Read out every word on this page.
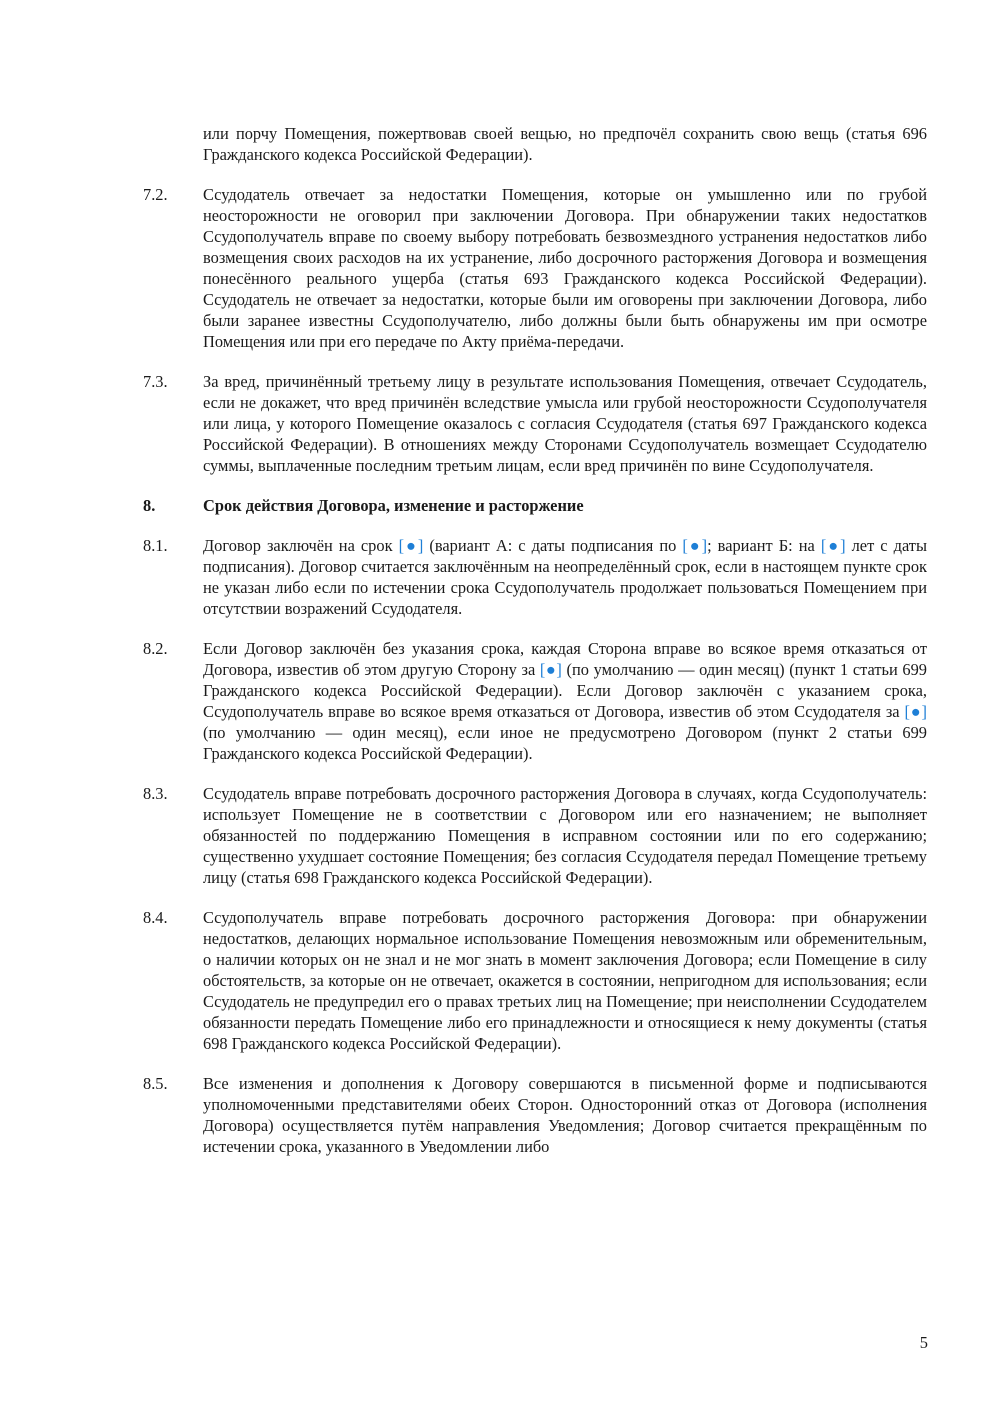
или порчу Помещения, пожертвовав своей вещью, но предпочёл сохранить свою вещь (статья 696 Гражданского кодекса Российской Федерации).

7.2.	Ссудодатель отвечает за недостатки Помещения, которые он умышленно или по грубой неосторожности не оговорил при заключении Договора. При обнаружении таких недостатков Ссудополучатель вправе по своему выбору потребовать безвозмездного устранения недостатков либо возмещения своих расходов на их устранение, либо досрочного расторжения Договора и возмещения понесённого реального ущерба (статья 693 Гражданского кодекса Российской Федерации). Ссудодатель не отвечает за недостатки, которые были им оговорены при заключении Договора, либо были заранее известны Ссудополучателю, либо должны были быть обнаружены им при осмотре Помещения или при его передаче по Акту приёма-передачи.
7.3.	За вред, причинённый третьему лицу в результате использования Помещения, отвечает Ссудодатель, если не докажет, что вред причинён вследствие умысла или грубой неосторожности Ссудополучателя или лица, у которого Помещение оказалось с согласия Ссудодателя (статья 697 Гражданского кодекса Российской Федерации). В отношениях между Сторонами Ссудополучатель возмещает Ссудодателю суммы, выплаченные последним третьим лицам, если вред причинён по вине Ссудополучателя.
8.	Срок действия Договора, изменение и расторжение
8.1.	Договор заключён на срок [●] (вариант А: с даты подписания по [●]; вариант Б: на [●] лет с даты подписания). Договор считается заключённым на неопределённый срок, если в настоящем пункте срок не указан либо если по истечении срока Ссудополучатель продолжает пользоваться Помещением при отсутствии возражений Ссудодателя.
8.2.	Если Договор заключён без указания срока, каждая Сторона вправе во всякое время отказаться от Договора, известив об этом другую Сторону за [●] (по умолчанию — один месяц) (пункт 1 статьи 699 Гражданского кодекса Российской Федерации). Если Договор заключён с указанием срока, Ссудополучатель вправе во всякое время отказаться от Договора, известив об этом Ссудодателя за [●] (по умолчанию — один месяц), если иное не предусмотрено Договором (пункт 2 статьи 699 Гражданского кодекса Российской Федерации).
8.3.	Ссудодатель вправе потребовать досрочного расторжения Договора в случаях, когда Ссудополучатель: использует Помещение не в соответствии с Договором или его назначением; не выполняет обязанностей по поддержанию Помещения в исправном состоянии или по его содержанию; существенно ухудшает состояние Помещения; без согласия Ссудодателя передал Помещение третьему лицу (статья 698 Гражданского кодекса Российской Федерации).
8.4.	Ссудополучатель вправе потребовать досрочного расторжения Договора: при обнаружении недостатков, делающих нормальное использование Помещения невозможным или обременительным, о наличии которых он не знал и не мог знать в момент заключения Договора; если Помещение в силу обстоятельств, за которые он не отвечает, окажется в состоянии, непригодном для использования; если Ссудодатель не предупредил его о правах третьих лиц на Помещение; при неисполнении Ссудодателем обязанности передать Помещение либо его принадлежности и относящиеся к нему документы (статья 698 Гражданского кодекса Российской Федерации).
8.5.	Все изменения и дополнения к Договору совершаются в письменной форме и подписываются уполномоченными представителями обеих Сторон. Односторонний отказ от Договора (исполнения Договора) осуществляется путём направления Уведомления; Договор считается прекращённым по истечении срока, указанного в Уведомлении либо
5
